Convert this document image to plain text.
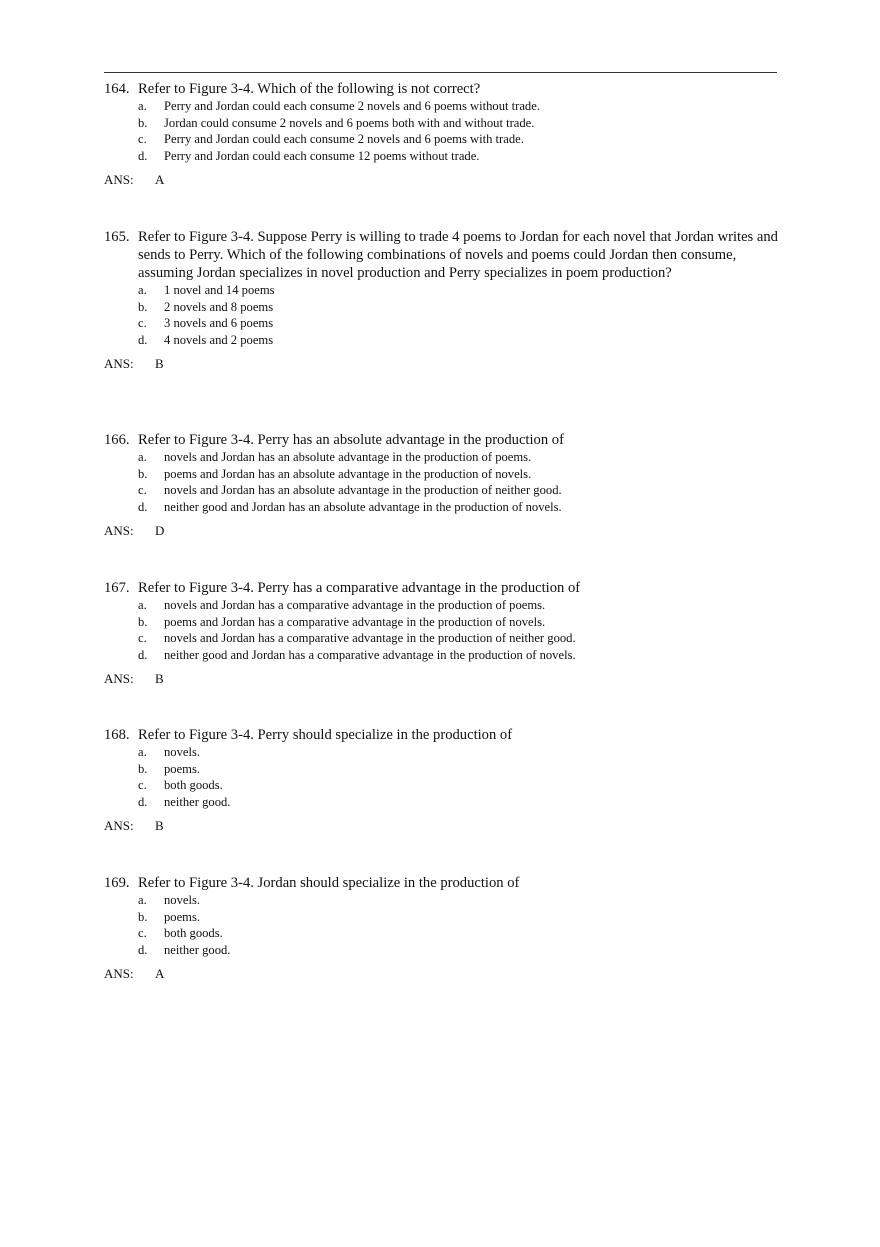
164. Refer to Figure 3-4. Which of the following is not correct?
a.	Perry and Jordan could each consume 2 novels and 6 poems without trade.
b.	Jordan could consume 2 novels and 6 poems both with and without trade.
c.	Perry and Jordan could each consume 2 novels and 6 poems with trade.
d.	Perry and Jordan could each consume 12 poems without trade.
ANS: A
165. Refer to Figure 3-4. Suppose Perry is willing to trade 4 poems to Jordan for each novel that Jordan writes and sends to Perry. Which of the following combinations of novels and poems could Jordan then consume, assuming Jordan specializes in novel production and Perry specializes in poem production?
a.	1 novel and 14 poems
b.	2 novels and 8 poems
c.	3 novels and 6 poems
d.	4 novels and 2 poems
ANS: B
166. Refer to Figure 3-4. Perry has an absolute advantage in the production of
a.	novels and Jordan has an absolute advantage in the production of poems.
b.	poems and Jordan has an absolute advantage in the production of novels.
c.	novels and Jordan has an absolute advantage in the production of neither good.
d.	neither good and Jordan has an absolute advantage in the production of novels.
ANS: D
167. Refer to Figure 3-4. Perry has a comparative advantage in the production of
a.	novels and Jordan has a comparative advantage in the production of poems.
b.	poems and Jordan has a comparative advantage in the production of novels.
c.	novels and Jordan has a comparative advantage in the production of neither good.
d.	neither good and Jordan has a comparative advantage in the production of novels.
ANS: B
168. Refer to Figure 3-4. Perry should specialize in the production of
a.	novels.
b.	poems.
c.	both goods.
d.	neither good.
ANS: B
169. Refer to Figure 3-4. Jordan should specialize in the production of
a.	novels.
b.	poems.
c.	both goods.
d.	neither good.
ANS: A
